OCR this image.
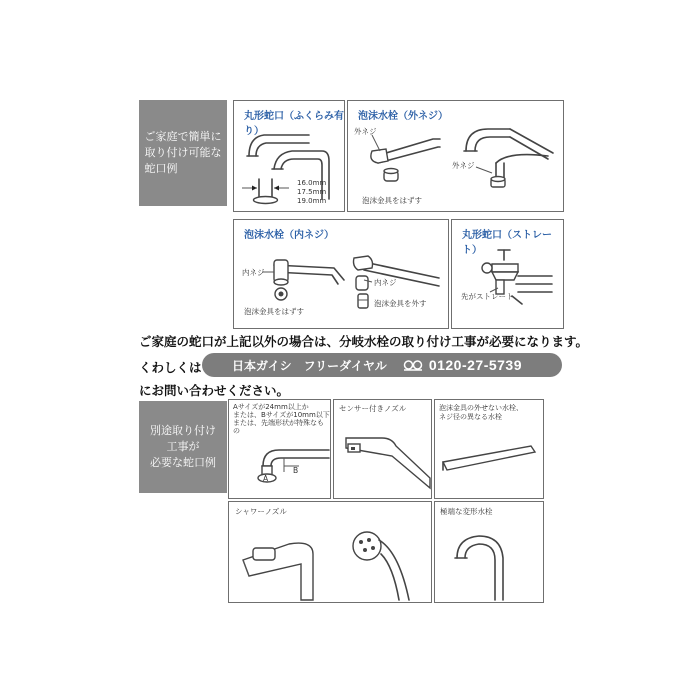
ご家庭で簡単に
取り付け可能な
蛇口例
丸形蛇口（ふくらみ有り）
16.0mm
17.5mm
19.0mm
泡沫水栓（外ネジ）
外ネジ
泡沫金具をはずす
外ネジ
泡沫水栓（内ネジ）
内ネジ
泡沫金具をはずす
内ネジ
泡沫金具を外す
丸形蛇口（ストレート）
先がストレート
ご家庭の蛇口が上記以外の場合は、分岐水栓の取り付け工事が必要になります。
くわしくは	日本ガイシ　フリーダイヤル	0120-27-5739
にお問い合わせください。
別途取り付け
工事が
必要な蛇口例
Aサイズが24mm以上か
または、Bサイズが10mm以下
または、先端形状が特殊なもの
A
B
センサー付きノズル	泡沫金具の外せない水栓、
ネジ径の異なる水栓
シャワーノズル	極端な変形水栓
